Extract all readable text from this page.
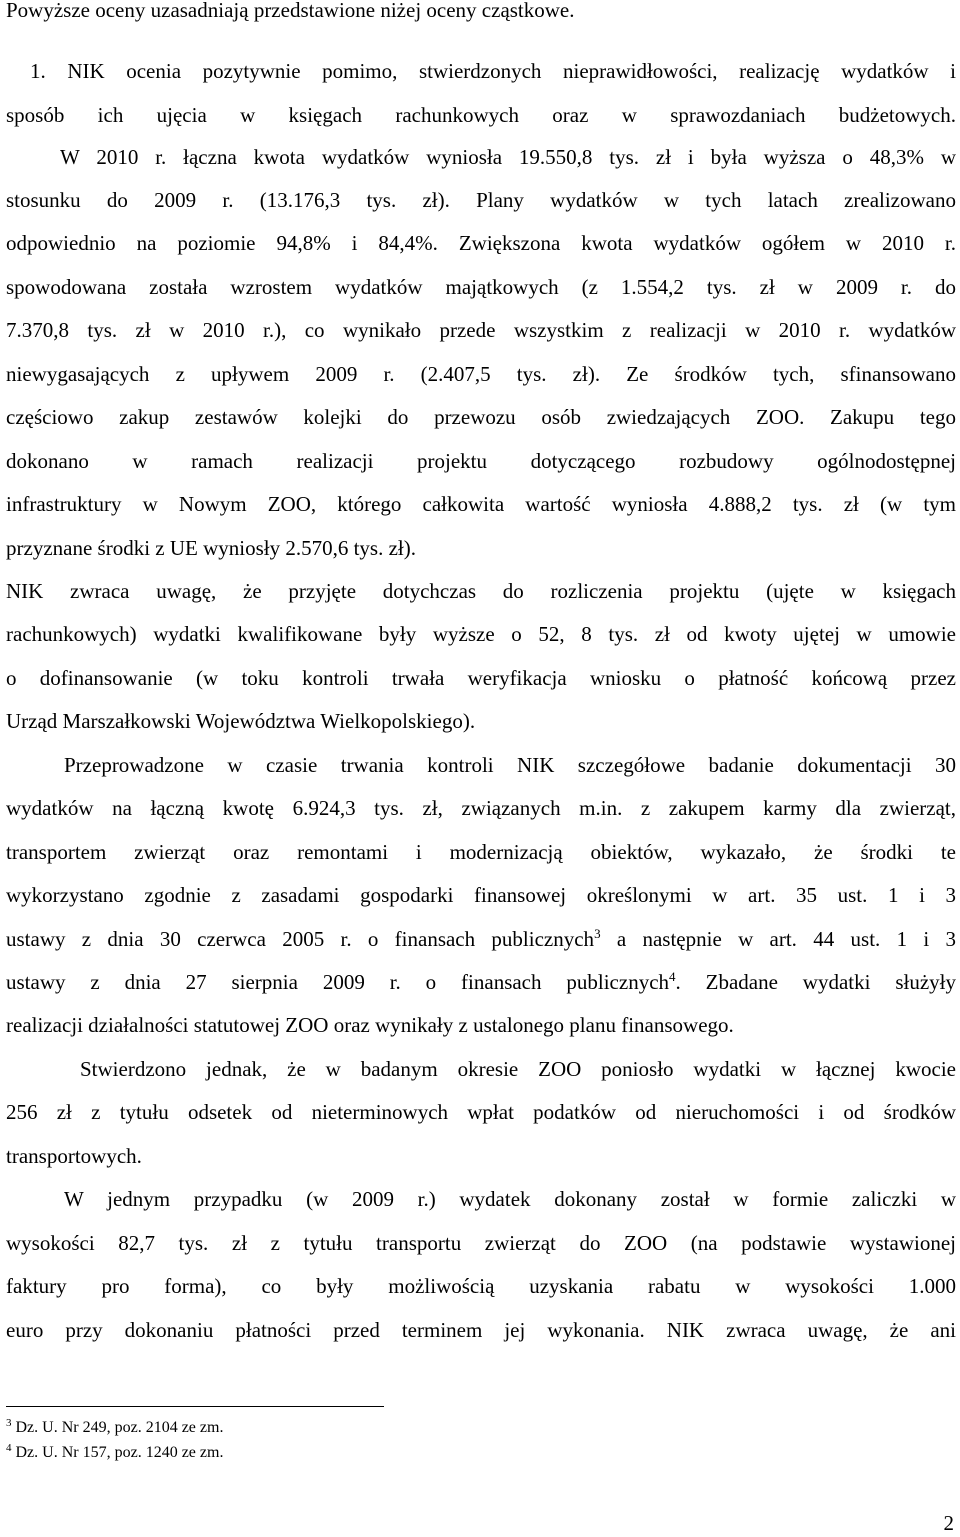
Powyższe oceny uzasadniają przedstawione niżej oceny cząstkowe.
1. NIK ocenia pozytywnie pomimo, stwierdzonych nieprawidłowości, realizację wydatków i
sposób ich ujęcia w księgach rachunkowych oraz w sprawozdaniach budżetowych.
W 2010 r. łączna kwota wydatków wyniosła 19.550,8 tys. zł i była wyższa o 48,3% w
stosunku do 2009 r. (13.176,3 tys. zł). Plany wydatków w tych latach zrealizowano
odpowiednio na poziomie 94,8% i 84,4%. Zwiększona kwota wydatków ogółem w 2010 r.
spowodowana została wzrostem wydatków majątkowych (z 1.554,2 tys. zł w 2009 r. do
7.370,8 tys. zł w 2010 r.), co wynikało przede wszystkim z realizacji w 2010 r. wydatków
niewygasających z upływem 2009 r. (2.407,5 tys. zł). Ze środków tych, sfinansowano
częściowo zakup zestawów kolejki do przewozu osób zwiedzających ZOO. Zakupu tego
dokonano w ramach realizacji projektu dotyczącego rozbudowy ogólnodostępnej
infrastruktury w Nowym ZOO, którego całkowita wartość wyniosła 4.888,2 tys. zł (w tym
przyznane środki z UE wyniosły 2.570,6 tys. zł).
NIK zwraca uwagę, że przyjęte dotychczas do rozliczenia projektu (ujęte w księgach
rachunkowych) wydatki kwalifikowane były wyższe o 52, 8 tys. zł od kwoty ujętej w umowie
o dofinansowanie (w toku kontroli trwała weryfikacja wniosku o płatność końcową przez
Urząd Marszałkowski Województwa Wielkopolskiego).
Przeprowadzone w czasie trwania kontroli NIK szczegółowe badanie dokumentacji 30
wydatków na łączną kwotę 6.924,3 tys. zł, związanych m.in. z zakupem karmy dla zwierząt,
transportem zwierząt oraz remontami i modernizacją obiektów, wykazało, że środki te
wykorzystano zgodnie z zasadami gospodarki finansowej określonymi w art. 35 ust. 1 i 3
ustawy z dnia 30 czerwca 2005 r. o finansach publicznych$^3$ a następnie w art. 44 ust. 1 i 3
ustawy z dnia 27 sierpnia 2009 r. o finansach publicznych$^4$. Zbadane wydatki służyły
realizacji działalności statutowej ZOO oraz wynikały z ustalonego planu finansowego.
Stwierdzono jednak, że w badanym okresie ZOO poniosło wydatki w łącznej kwocie
256 zł z tytułu odsetek od nieterminowych wpłat podatków od nieruchomości i od środków
transportowych.
W jednym przypadku (w 2009 r.) wydatek dokonany został w formie zaliczki w
wysokości 82,7 tys. zł z tytułu transportu zwierząt do ZOO (na podstawie wystawionej
faktury pro forma), co były możliwością uzyskania rabatu w wysokości 1.000
euro przy dokonaniu płatności przed terminem jej wykonania. NIK zwraca uwagę, że ani
$^3$ Dz. U. Nr 249, poz. 2104 ze zm.
$^4$ Dz. U. Nr 157, poz. 1240 ze zm.
2
